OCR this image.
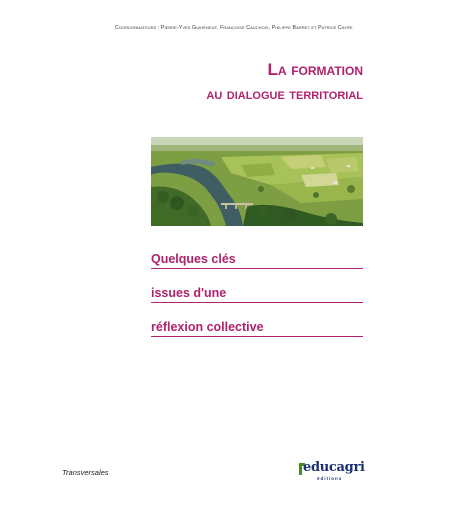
Coordonnateurs : Pierre-Yves Guihéneuf, Françoise Cauchoix, Philippe Barret et Patrice Cayre
La formation
au dialogue territorial
Quelques clés
issues d'une
réflexion collective
Transversales	educagri
éditions
